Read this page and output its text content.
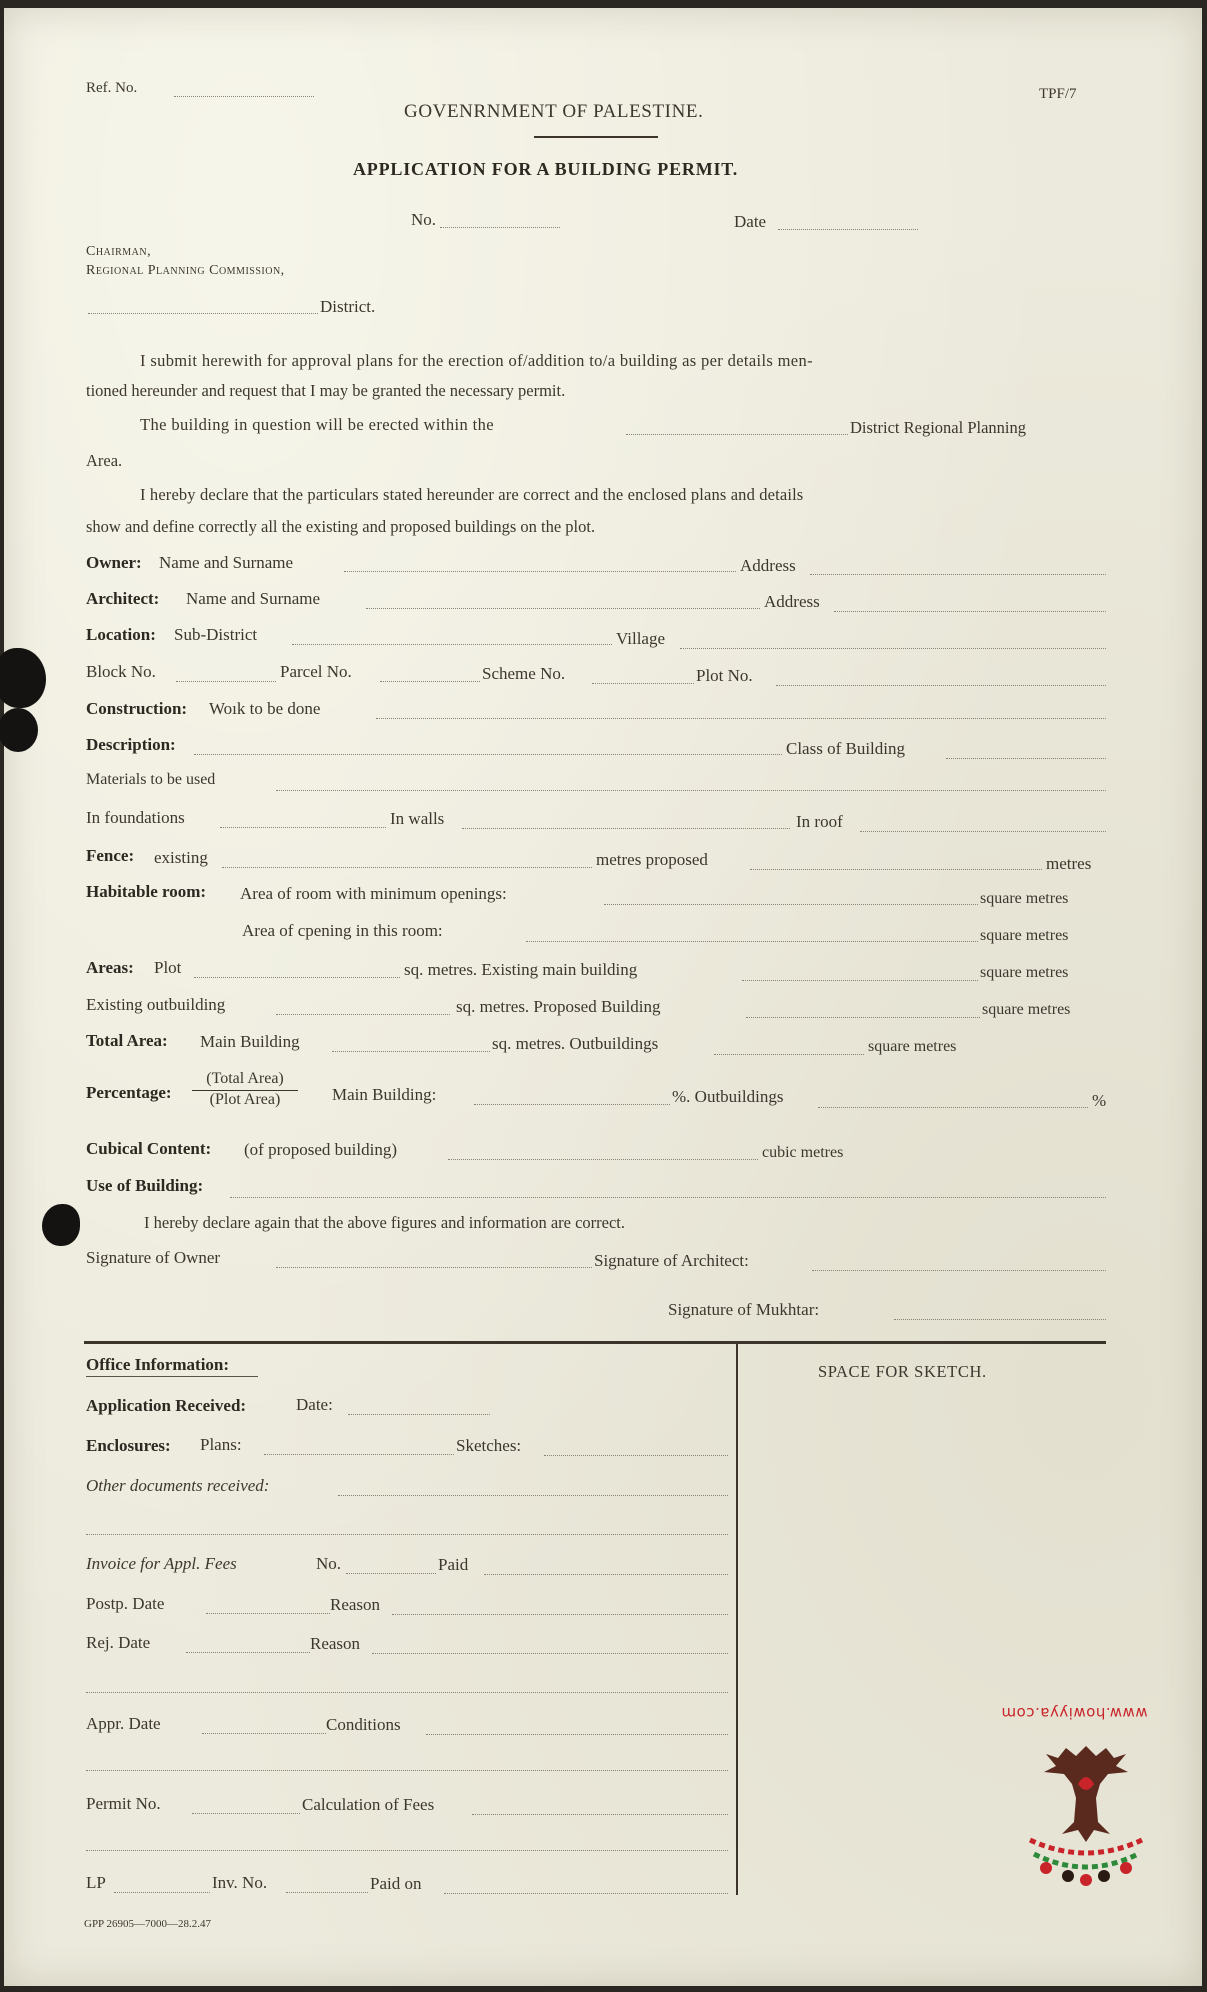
Ref. No.	TPF/7
GOVENRNMENT OF PALESTINE.
APPLICATION FOR A BUILDING PERMIT.
No.	Date
Chairman,
Regional Planning Commission,
District.
I submit herewith for approval plans for the erection of/addition to/a building as per details men-
tioned hereunder and request that I may be granted the necessary permit.
The building in question will be erected within the	District Regional Planning
Area.
I hereby declare that the particulars stated hereunder are correct and the enclosed plans and details
show and define correctly all the existing and proposed buildings on the plot.
Owner: Name and Surname	Address
Architect: Name and Surname	Address
Location: Sub-District	Village
Block No.	Parcel No.	Scheme No.	Plot No.
Construction: Woık to be done
Description:	Class of Building
Materials to be used
In foundations	In walls	In roof
Fence: existing	metres proposed	metres
Habitable room: Area of room with minimum openings:	square metres
Area of cpening in this room:	square metres
Areas: Plot	sq. metres. Existing main building	square metres
Existing outbuilding	sq. metres. Proposed Building	square metres
Total Area: Main Building	sq. metres. Outbuildings	square metres
Percentage:
(Total Area)
(Plot Area)	Main Building:	%. Outbuildings	%
Cubical Content: (of proposed building)	cubic metres
Use of Building:
I hereby declare again that the above figures and information are correct.
Signature of Owner	Signature of Architect:
Signature of Mukhtar:
Office Information:	SPACE FOR SKETCH.
Application Received:	Date:
Enclosures: Plans:	Sketches:
Other documents received:
Invoice for Appl. Fees	No.	Paid
Postp. Date	Reason
Rej. Date	Reason
Appr. Date	Conditions
Permit No.	Calculation of Fees
LP	Inv. No.	Paid on
GPP 26905—7000—28.2.47
www.howiyya.com
